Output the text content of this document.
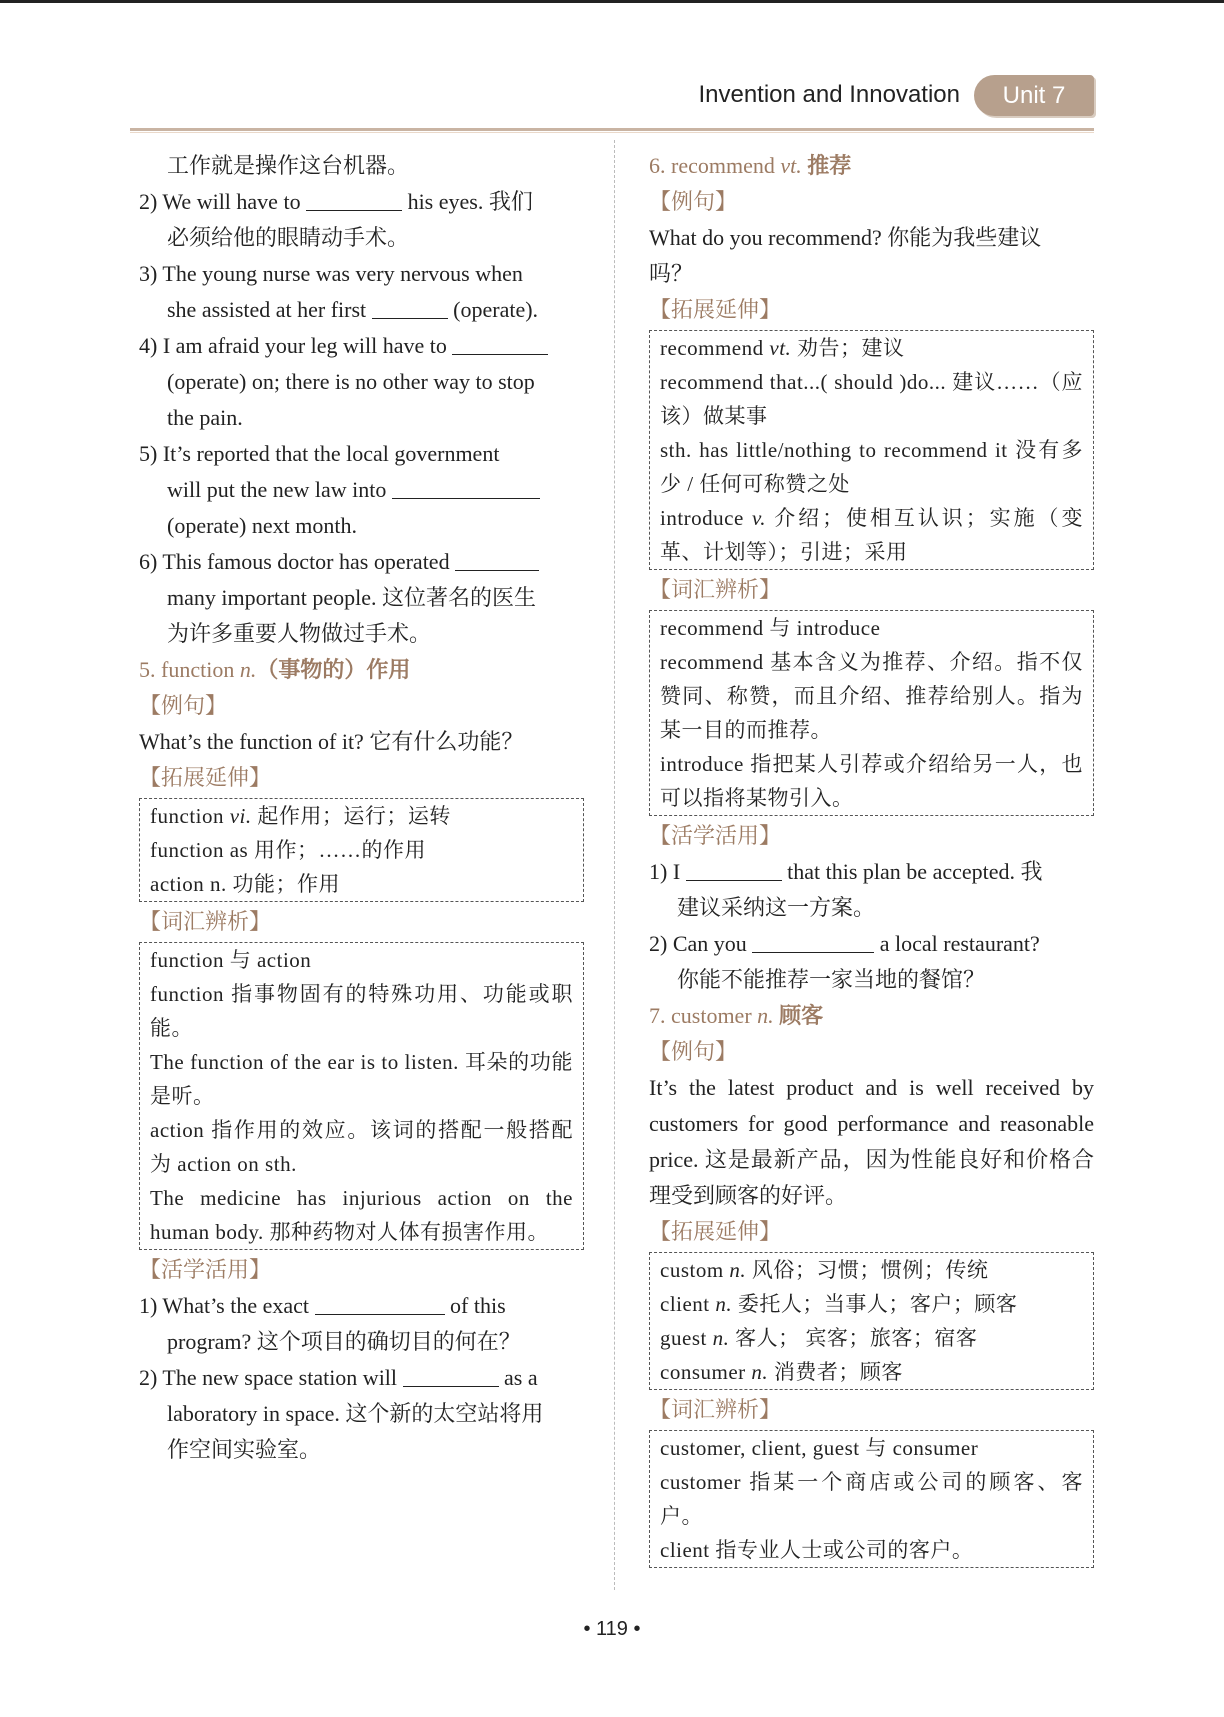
Invention and Innovation	Unit 7

工作就是操作这台机器。

2) We will have to	his eyes. 我们
必须给他的眼睛动手术。
3) The young nurse was very nervous when
she assisted at her first	(operate).
4) I am afraid your leg will have to
(operate) on; there is no other way to stop
the pain.
5) It’s reported that the local government
will put the new law into
(operate) next month.
6) This famous doctor has operated
many important people. 这位著名的医生
为许多重要人物做过手术。

5. function n.（事物的）作用

【例句】

What’s the function of it? 它有什么功能？

【拓展延伸】

function vi. 起作用；运行；运转
function as 用作；……的作用
action n. 功能；作用

【词汇辨析】

function 与 action
function 指事物固有的特殊功用、功能或职能。
The function of the ear is to listen. 耳朵的功能是听。
action 指作用的效应。该词的搭配一般搭配为 action on sth.
The medicine has injurious action on the human body. 那种药物对人体有损害作用。

【活学活用】

1) What’s the exact	of this
program? 这个项目的确切目的何在？
2) The new space station will	as a
laboratory in space. 这个新的太空站将用
作空间实验室。

6. recommend vt. 推荐

【例句】

What do you recommend? 你能为我些建议
吗？

【拓展延伸】

recommend vt. 劝告；建议
recommend that...( should )do... 建议……（应该）做某事
sth. has little/nothing to recommend it 没有多少 / 任何可称赞之处
introduce v. 介绍；使相互认识；实施（变革、计划等）；引进；采用

【词汇辨析】

recommend 与 introduce
recommend 基本含义为推荐、介绍。指不仅赞同、称赞，而且介绍、推荐给别人。指为某一目的而推荐。
introduce 指把某人引荐或介绍给另一人，也可以指将某物引入。

【活学活用】

1) I	that this plan be accepted. 我
建议采纳这一方案。
2) Can you	a local restaurant?
你能不能推荐一家当地的餐馆？

7. customer n. 顾客

【例句】

It’s the latest product and is well received by customers for good performance and reasonable price. 这是最新产品，因为性能良好和价格合理受到顾客的好评。

【拓展延伸】

custom n. 风俗；习惯；惯例；传统
client n. 委托人；当事人；客户；顾客
guest n. 客人； 宾客；旅客；宿客
consumer n. 消费者；顾客

【词汇辨析】

customer, client, guest 与 consumer
customer 指某一个商店或公司的顾客、客户。
client 指专业人士或公司的客户。
• 119 •
